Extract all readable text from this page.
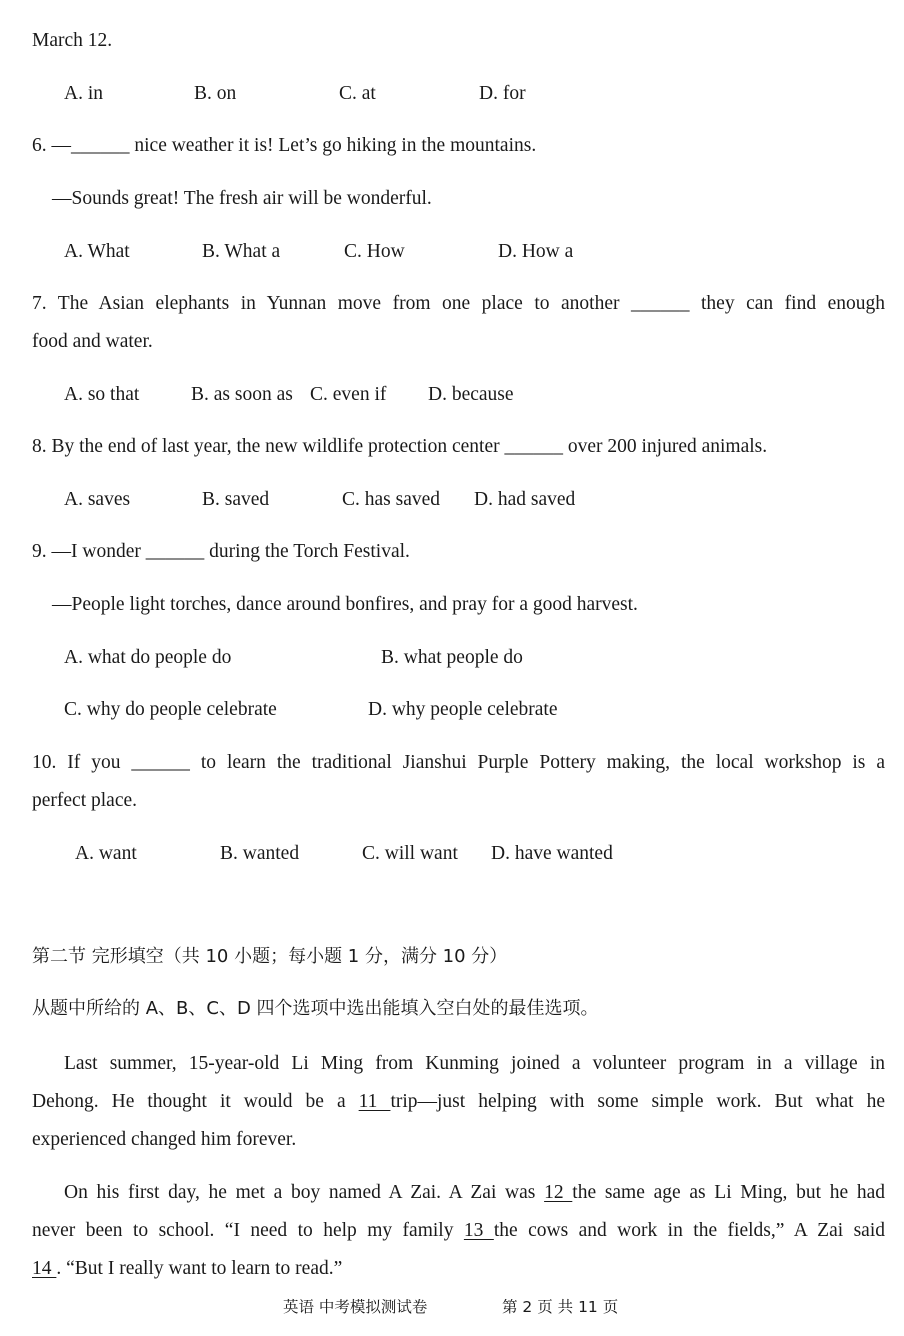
March 12.
A. in	B. on	C. at	D. for
6. —______ nice weather it is! Let’s go hiking in the mountains.
—Sounds great! The fresh air will be wonderful.
A. What	B. What a	C. How	D. How a
7. The Asian elephants in Yunnan move from one place to another ______ they can find enough
food and water.
A. so that	B. as soon as C. even if D. because
8. By the end of last year, the new wildlife protection center ______ over 200 injured animals.
A. saves	B. saved	C. has saved D. had saved
9. —I wonder ______ during the Torch Festival.
—People light torches, dance around bonfires, and pray for a good harvest.
A. what do people do	B. what people do
C. why do people celebrate	D. why people celebrate
10. If you ______ to learn the traditional Jianshui Purple Pottery making, the local workshop is a
perfect place.
A. want	B. wanted	C. will want D. have wanted
第二节 完形填空（共 10 小题；每小题 1 分，满分 10 分）
从题中所给的 A、B、C、D 四个选项中选出能填入空白处的最佳选项。
Last summer, 15-year-old Li Ming from Kunming joined a volunteer program in a village in
Dehong. He thought it would be a 11 trip—just helping with some simple work. But what he
experienced changed him forever.
On his first day, he met a boy named A Zai. A Zai was 12 the same age as Li Ming, but he had
never been to school. “I need to help my family 13 the cows and work in the fields,” A Zai said
14 . “But I really want to learn to read.”
英语 中考模拟测试卷	第 2 页 共 11 页
